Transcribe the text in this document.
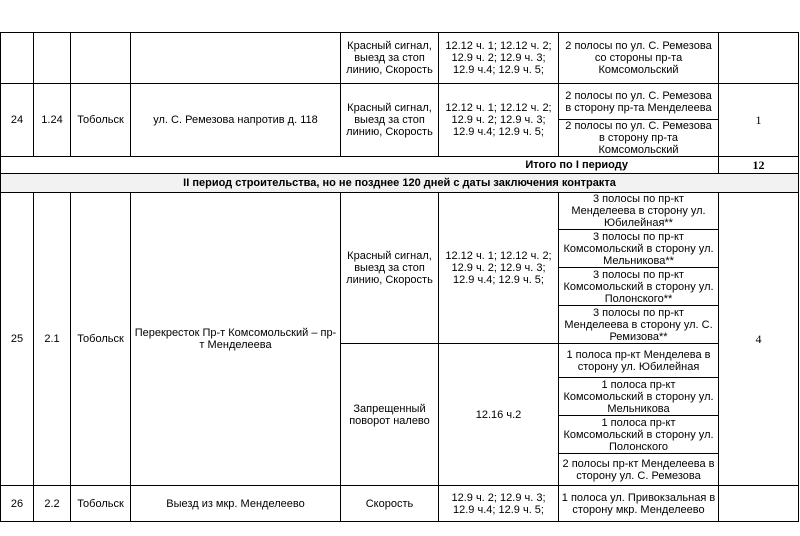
				Красный сигнал, выезд за стоп линию, Скорость	12.12 ч. 1; 12.12 ч. 2; 12.9 ч. 2; 12.9 ч. 3; 12.9 ч.4; 12.9 ч. 5;	2 полосы по ул. С. Ремезова со стороны пр-та Комсомольский	
24	1.24	Тобольск	ул. С. Ремезова напротив д. 118	Красный сигнал, выезд за стоп линию, Скорость	12.12 ч. 1; 12.12 ч. 2; 12.9 ч. 2; 12.9 ч. 3; 12.9 ч.4; 12.9 ч. 5;	2 полосы по ул. С. Ремезова в сторону пр-та Менделеева	1
						2 полосы по ул. С. Ремезова в сторону пр-та Комсомольский	
Итого по I периоду							12
II период строительства, но не позднее 120 дней с даты заключения контракта							
25	2.1	Тобольск	Перекресток Пр-т Комсомольский – пр-т Менделеева	Красный сигнал, выезд за стоп линию, Скорость	12.12 ч. 1; 12.12 ч. 2; 12.9 ч. 2; 12.9 ч. 3; 12.9 ч.4; 12.9 ч. 5;	3 полосы по пр-кт Менделеева в сторону ул. Юбилейная**	4
						3 полосы по пр-кт Комсомольский в сторону ул. Мельникова**	
						3 полосы по пр-кт Комсомольский в сторону ул. Полонского**	
						3 полосы по пр-кт Менделеева в сторону ул. С. Ремизова**	
				Запрещенный поворот налево	12.16 ч.2	1 полоса пр-кт Менделева в сторону ул. Юбилейная	
						1 полоса пр-кт Комсомольский в сторону ул. Мельникова	
						1 полоса пр-кт Комсомольский в сторону ул. Полонского	
						2 полосы пр-кт Менделеева в сторону ул. С. Ремезова	
26	2.2	Тобольск	Выезд из мкр. Менделеево	Скорость	12.9 ч. 2; 12.9 ч. 3; 12.9 ч.4; 12.9 ч. 5;	1 полоса ул. Привокзальная в сторону мкр. Менделеево	
